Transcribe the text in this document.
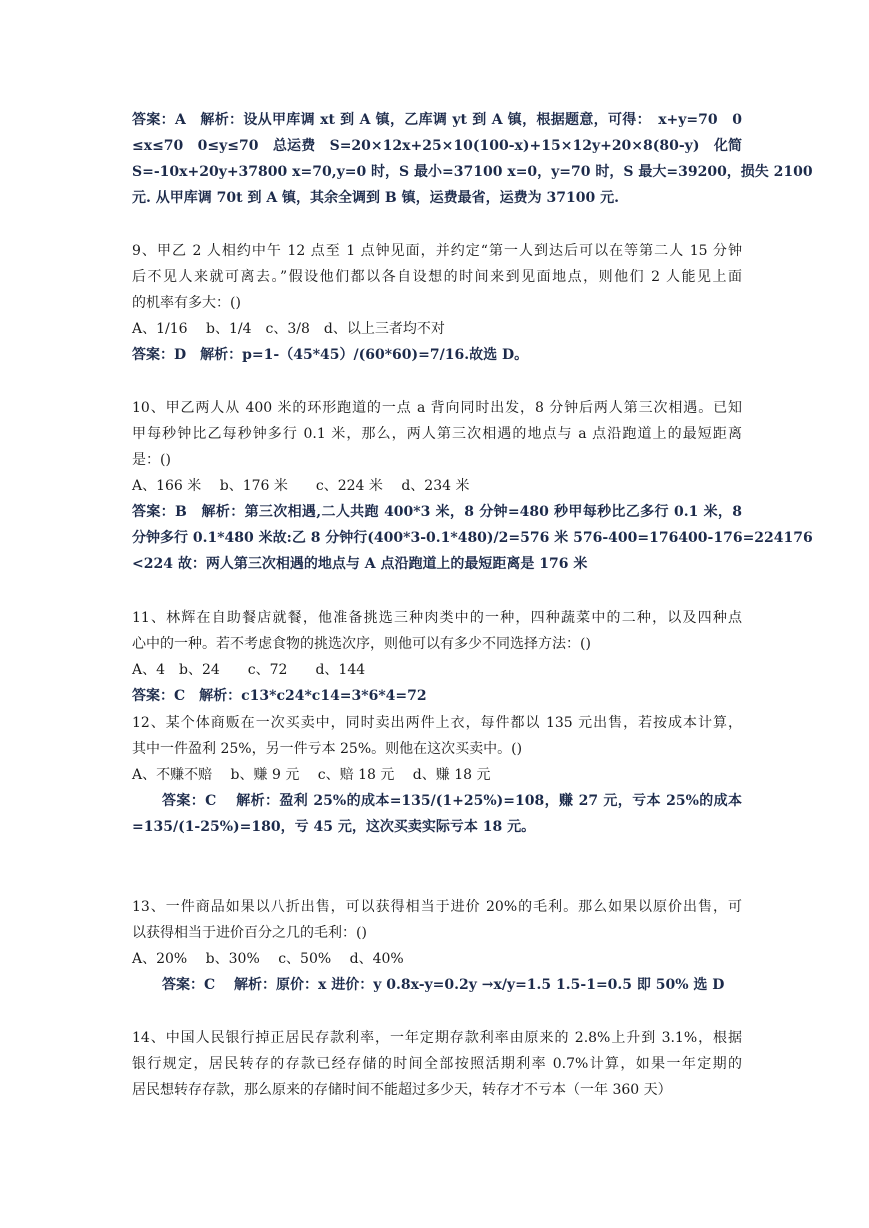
答案：A　解析：设从甲库调 xt 到 A 镇，乙库调 yt 到 A 镇，根据题意，可得：　x+y=70　0
≤x≤70　0≤y≤70　总运费　S=20×12x+25×10(100-x)+15×12y+20×8(80-y)　化简
S=-10x+20y+37800 x=70,y=0 时，S 最小=37100 x=0，y=70 时，S 最大=39200，损失 2100
元. 从甲库调 70t 到 A 镇，其余全调到 B 镇，运费最省，运费为 37100 元.
9、甲乙 2 人相约中午 12 点至 1 点钟见面，并约定“第一人到达后可以在等第二人 15 分钟
后不见人来就可离去。”假设他们都以各自设想的时间来到见面地点，则他们 2 人能见上面
的机率有多大：()
A、1/16　 b、1/4　c、3/8　d、以上三者均不对
答案：D　解析：p=1-（45*45）/(60*60)=7/16.故选 D。
10、甲乙两人从 400 米的环形跑道的一点 a 背向同时出发，8 分钟后两人第三次相遇。已知
甲每秒钟比乙每秒钟多行 0.1 米，那么，两人第三次相遇的地点与 a 点沿跑道上的最短距离
是：()
A、166 米　 b、176 米　　c、224 米　 d、234 米
答案：B　解析：第三次相遇,二人共跑 400*3 米，8 分钟=480 秒甲每秒比乙多行 0.1 米，8
分钟多行 0.1*480 米故:乙 8 分钟行(400*3-0.1*480)/2=576 米 576-400=176400-176=224176
<224 故：两人第三次相遇的地点与 A 点沿跑道上的最短距离是 176 米
11、林辉在自助餐店就餐，他准备挑选三种肉类中的一种，四种蔬菜中的二种，以及四种点
心中的一种。若不考虑食物的挑选次序，则他可以有多少不同选择方法：()
A、4　b、24　　c、72　　d、144
答案：C　解析：c13*c24*c14=3*6*4=72
12、某个体商贩在一次买卖中，同时卖出两件上衣，每件都以 135 元出售，若按成本计算，
其中一件盈利 25%，另一件亏本 25%。则他在这次买卖中。()
A、不赚不赔　 b、赚 9 元　 c、赔 18 元　 d、赚 18 元
答案：C　 解析：盈利 25%的成本=135/(1+25%)=108，赚 27 元，亏本 25%的成本
=135/(1-25%)=180，亏 45 元，这次买卖实际亏本 18 元。
13、一件商品如果以八折出售，可以获得相当于进价 20%的毛利。那么如果以原价出售，可
以获得相当于进价百分之几的毛利：()
A、20%　 b、30%　 c、50%　 d、40%
答案：C　 解析：原价：x 进价：y 0.8x-y=0.2y →x/y=1.5 1.5-1=0.5 即 50% 选 D
14、中国人民银行掉正居民存款利率，一年定期存款利率由原来的 2.8%上升到 3.1%，根据
银行规定，居民转存的存款已经存储的时间全部按照活期利率 0.7%计算，如果一年定期的
居民想转存存款，那么原来的存储时间不能超过多少天，转存才不亏本（一年 360 天）
